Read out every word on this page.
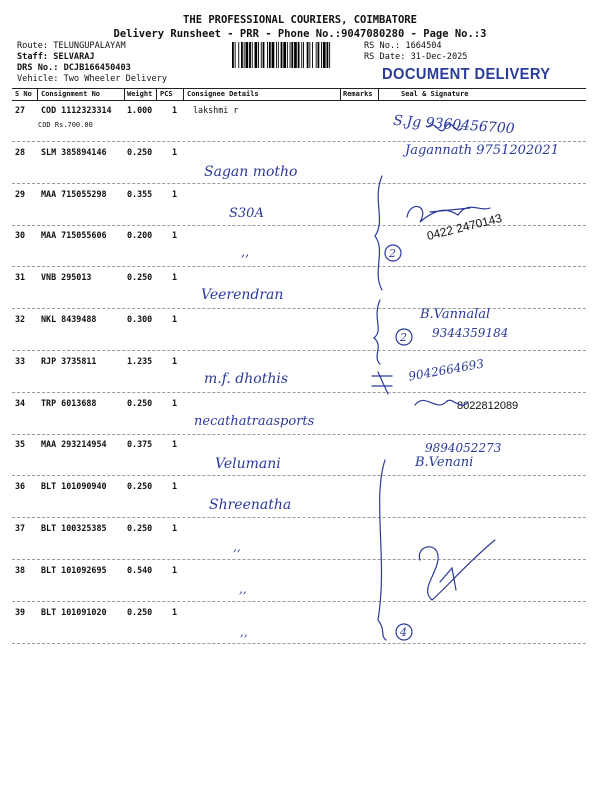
THE PROFESSIONAL COURIERS, COIMBATORE
Delivery Runsheet - PRR - Phone No.:9047080280 - Page No.:3
Route: TELUNGUPALAYAM
Staff: SELVARAJ
DRS No.: DCJB166450403
Vehicle: Two Wheeler Delivery
RS No.: 1664504
RS Date: 31-Dec-2025
DOCUMENT DELIVERY
S No Consignment No	Weight PCS Consignee Details	Remarks	Seal & Signature
27 COD 1112323314 1.000 1 lakshmi r
COD Rs.700.00
28 SLM 385894146 0.250 1
29 MAA 715055298 0.355 1
30 MAA 715055606 0.200 1
31 VNB 295013	0.250 1
32 NKL 8439488	0.300 1
33 RJP 3735811	1.235 1
34 TRP 6013688	0.250 1
35 MAA 293214954 0.375 1
36 BLT 101090940 0.250 1
37 BLT 100325385 0.250 1
38 BLT 101092695 0.540 1
39 BLT 101091020 0.250 1
Sagan motho
S30A
,,
Veerendran
m.f. dhothis
necathatraasports
Velumani
Shreenatha
,,
,,
,,
S.Jg 9360456700
Jagannath 9751202021
0422 2470143
B.Vannalal
9344359184
9042664693
8022812089
9894052273
B.Venani
2
2
4
